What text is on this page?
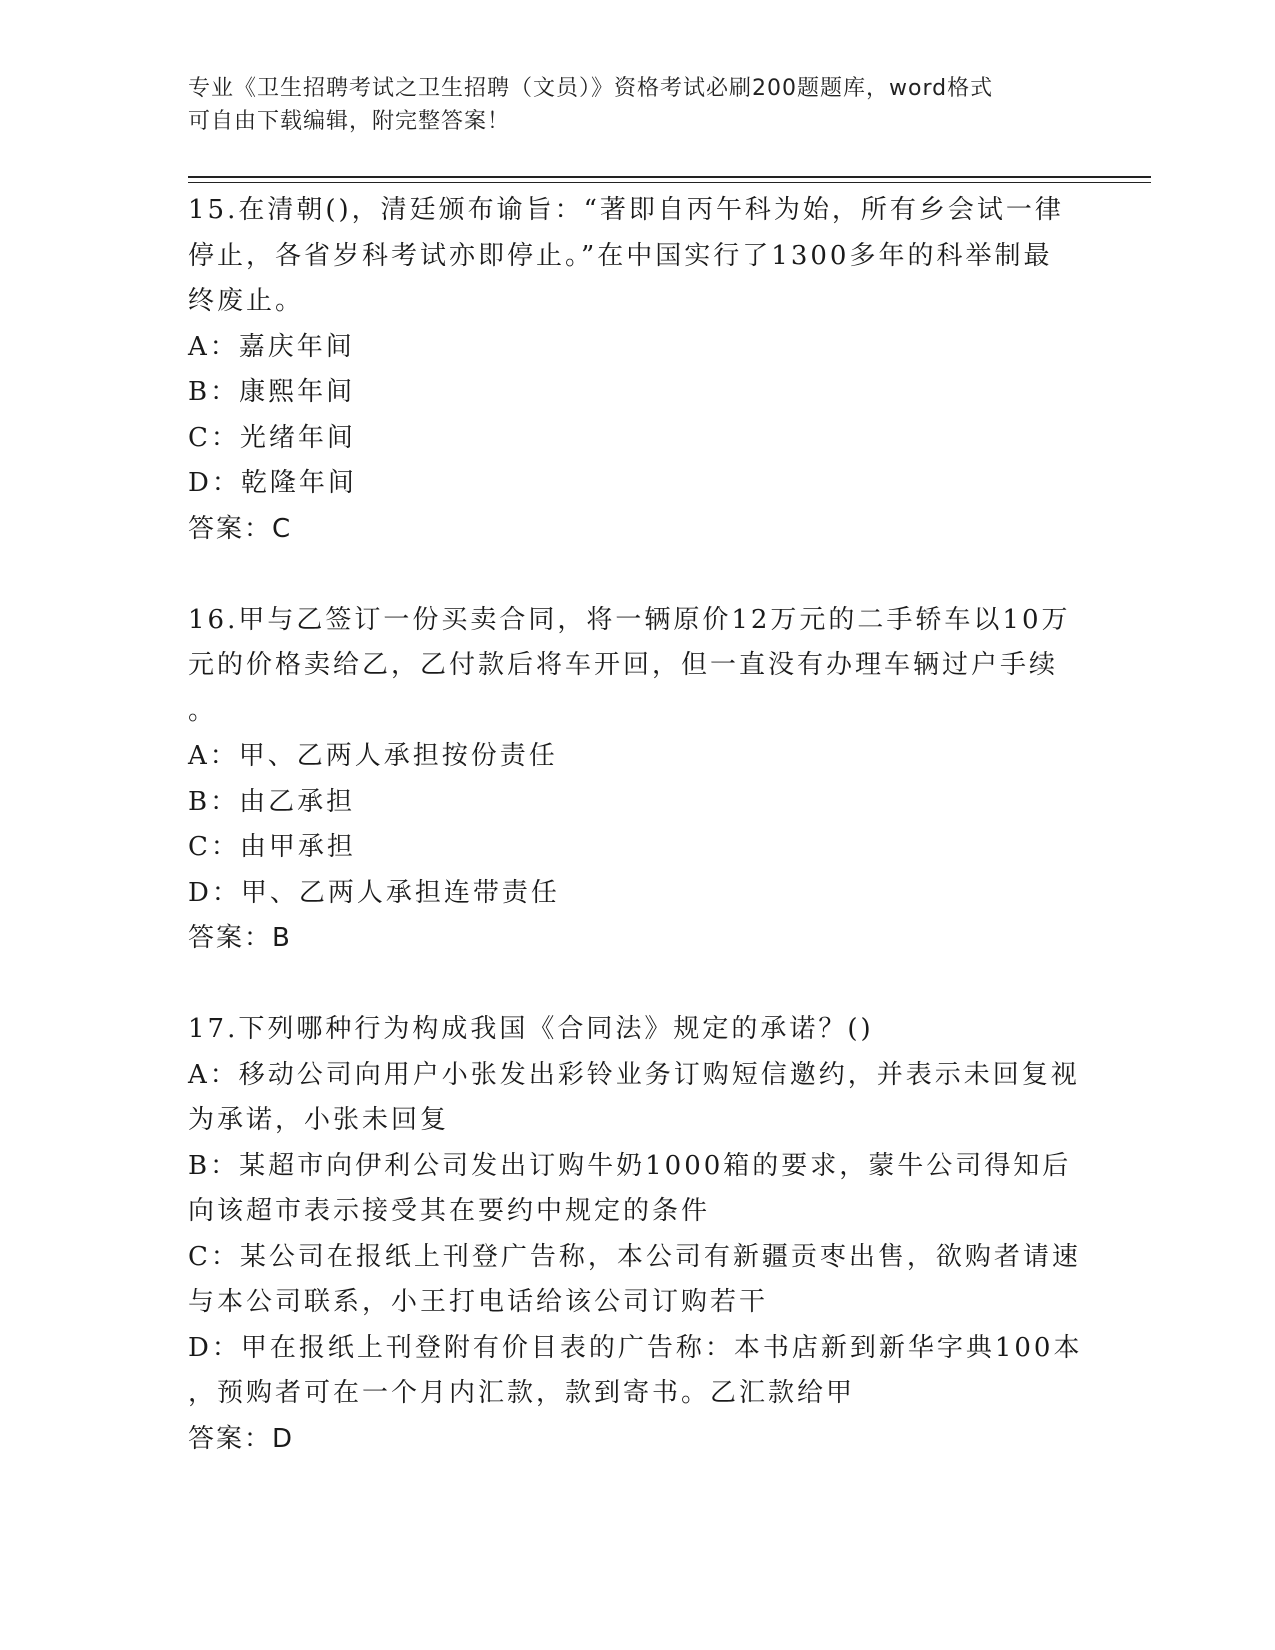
专业《卫生招聘考试之卫生招聘（文员）》资格考试必刷200题题库，word格式
可自由下载编辑，附完整答案！
15.在清朝()，清廷颁布谕旨：“著即自丙午科为始，所有乡会试一律
停止，各省岁科考试亦即停止。”在中国实行了1300多年的科举制最
终废止。
A：嘉庆年间
B：康熙年间
C：光绪年间
D：乾隆年间
答案：C
16.甲与乙签订一份买卖合同，将一辆原价12万元的二手轿车以10万
元的价格卖给乙，乙付款后将车开回，但一直没有办理车辆过户手续
。
A：甲、乙两人承担按份责任
B：由乙承担
C：由甲承担
D：甲、乙两人承担连带责任
答案：B
17.下列哪种行为构成我国《合同法》规定的承诺？()
A：移动公司向用户小张发出彩铃业务订购短信邀约，并表示未回复视
为承诺，小张未回复
B：某超市向伊利公司发出订购牛奶1000箱的要求，蒙牛公司得知后
向该超市表示接受其在要约中规定的条件
C：某公司在报纸上刊登广告称，本公司有新疆贡枣出售，欲购者请速
与本公司联系，小王打电话给该公司订购若干
D：甲在报纸上刊登附有价目表的广告称：本书店新到新华字典100本
，预购者可在一个月内汇款，款到寄书。乙汇款给甲
答案：D
